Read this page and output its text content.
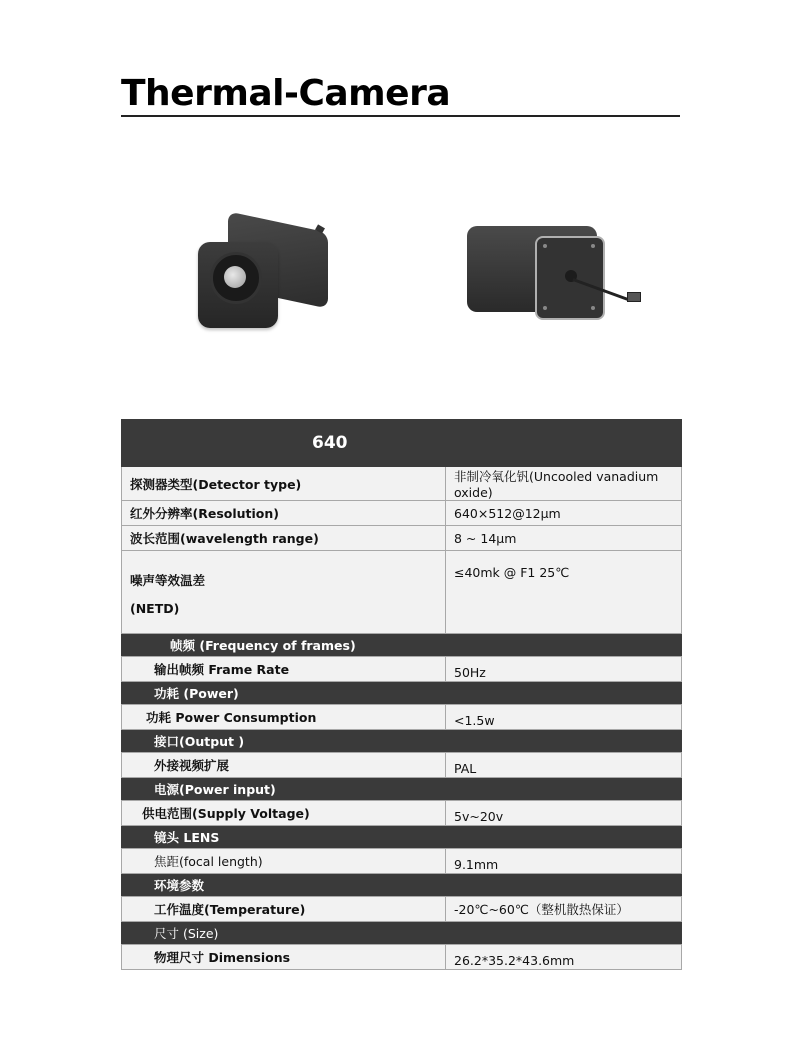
Thermal-Camera
640	
探测器类型(Detector type)	非制冷氧化钒(Uncooled vanadium oxide)
红外分辨率(Resolution)	640×512@12μm
波长范围(wavelength range)	8 ~ 14μm

噪声等效温差
(NETD)	≤40mk @ F1 25℃
帧频 (Frequency of frames)	
输出帧频 Frame Rate	50Hz
功耗 (Power)	
功耗 Power Consumption	<1.5w
接口(Output )	
外接视频扩展	PAL
电源(Power input)	
供电范围(Supply Voltage)	5v~20v
镜头 LENS	
焦距(focal length)	9.1mm
环境参数	
工作温度(Temperature)	-20℃~60℃（整机散热保证）
尺寸 (Size)	
物理尺寸 Dimensions	26.2*35.2*43.6mm
